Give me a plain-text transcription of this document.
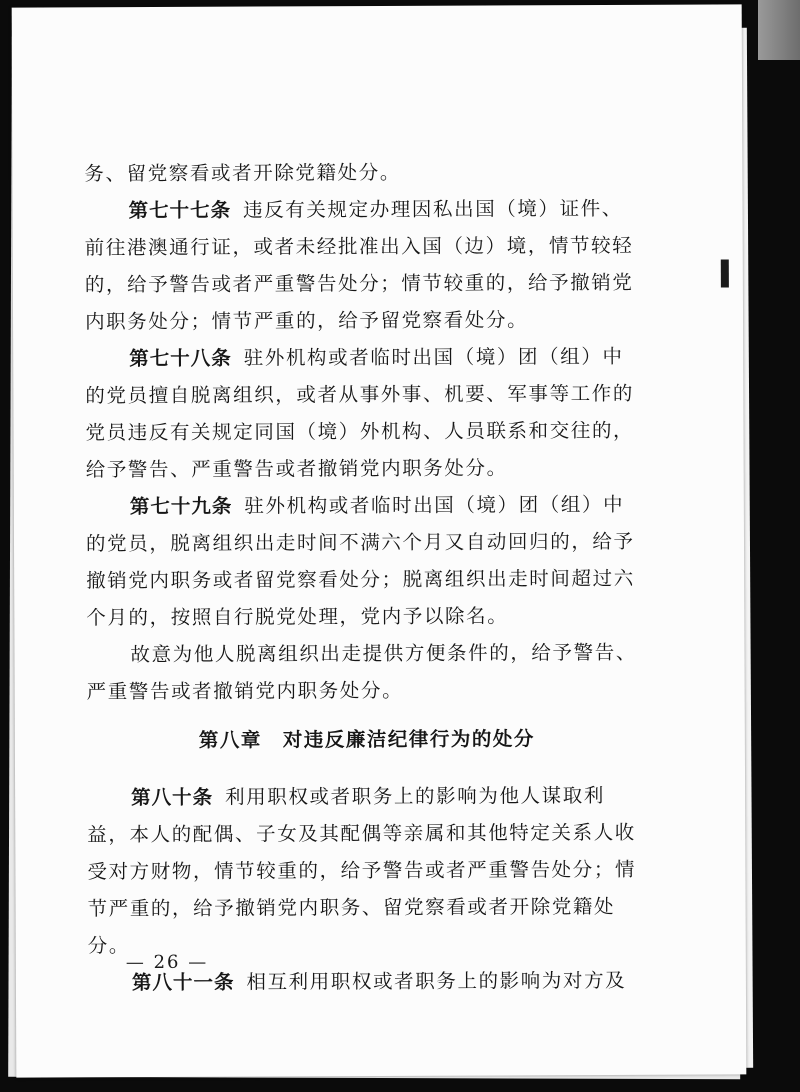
务、留党察看或者开除党籍处分。
第七十七条 违反有关规定办理因私出国（境）证件、
前往港澳通行证，或者未经批准出入国（边）境，情节较轻
的，给予警告或者严重警告处分；情节较重的，给予撤销党
内职务处分；情节严重的，给予留党察看处分。
第七十八条 驻外机构或者临时出国（境）团（组）中
的党员擅自脱离组织，或者从事外事、机要、军事等工作的
党员违反有关规定同国（境）外机构、人员联系和交往的，
给予警告、严重警告或者撤销党内职务处分。
第七十九条 驻外机构或者临时出国（境）团（组）中
的党员，脱离组织出走时间不满六个月又自动回归的，给予
撤销党内职务或者留党察看处分；脱离组织出走时间超过六
个月的，按照自行脱党处理，党内予以除名。
故意为他人脱离组织出走提供方便条件的，给予警告、
严重警告或者撤销党内职务处分。
第八章　对违反廉洁纪律行为的处分
第八十条 利用职权或者职务上的影响为他人谋取利
益，本人的配偶、子女及其配偶等亲属和其他特定关系人收
受对方财物，情节较重的，给予警告或者严重警告处分；情
节严重的，给予撤销党内职务、留党察看或者开除党籍处
分。
第八十一条 相互利用职权或者职务上的影响为对方及
— 26 —
